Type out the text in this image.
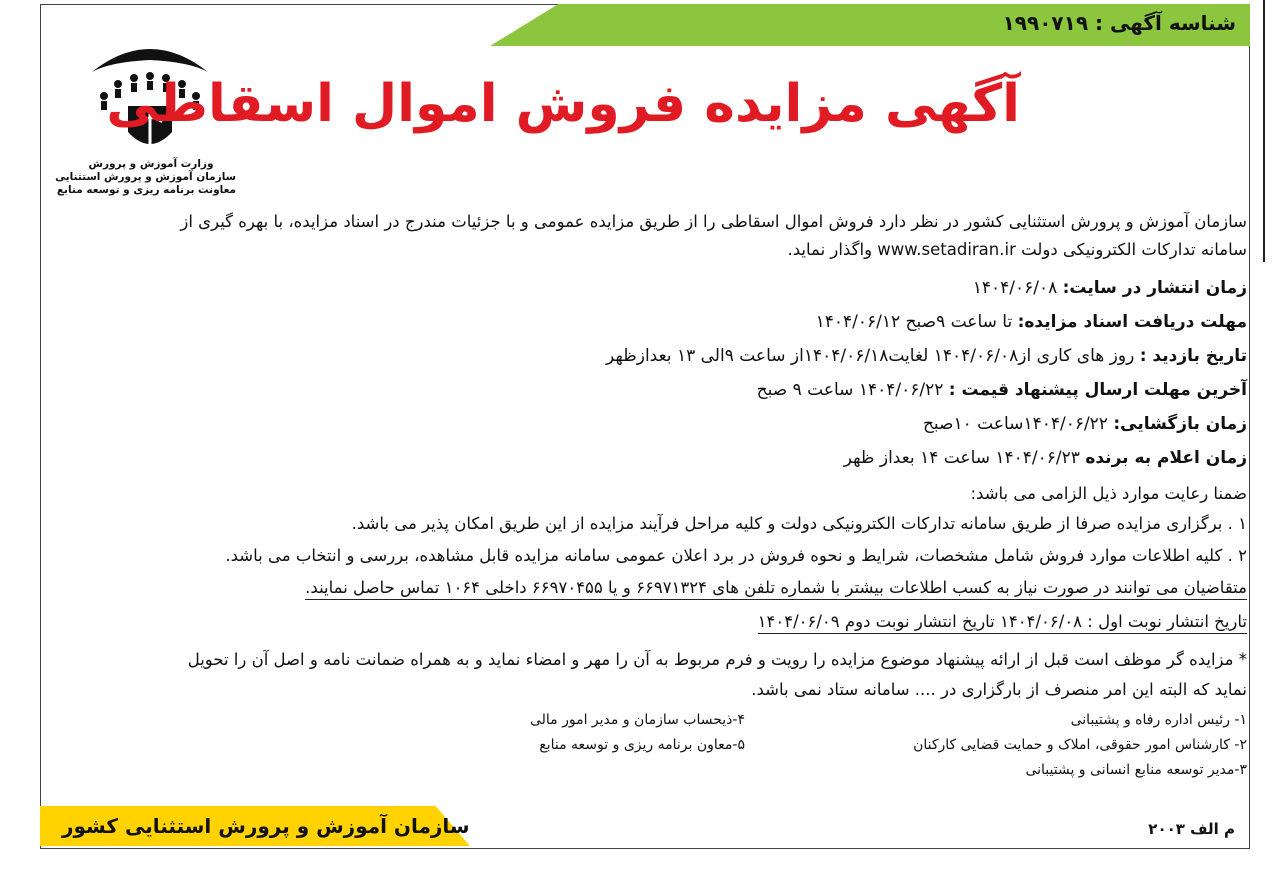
شناسه آگهی : ۱۹۹۰۷۱۹
وزارت آموزش و پرورش
سازمان آموزش و پرورش استثنایی
معاونت برنامه ریزی و توسعه منابع
آگهی مزایده فروش اموال اسقاطی
سازمان آموزش و پرورش استثنایی کشور در نظر دارد فروش اموال اسقاطی را از طریق مزایده عمومی و با جزئیات مندرج در اسناد مزایده، با بهره گیری از
سامانه تدارکات الکترونیکی دولت www.setadiran.ir واگذار نماید.
زمان انتشار در سایت: ۱۴۰۴/۰۶/۰۸
مهلت دریافت اسناد مزایده: تا ساعت ۹صبح ۱۴۰۴/۰۶/۱۲
تاریخ بازدید : روز های کاری از۱۴۰۴/۰۶/۰۸ لغایت۱۴۰۴/۰۶/۱۸از ساعت ۹الی ۱۳ بعدازظهر
آخرین مهلت ارسال پیشنهاد قیمت : ۱۴۰۴/۰۶/۲۲ ساعت ۹ صبح
زمان بازگشایی: ۱۴۰۴/۰۶/۲۲ساعت ۱۰صبح
زمان اعلام به برنده ۱۴۰۴/۰۶/۲۳ ساعت ۱۴ بعداز ظهر
ضمنا رعایت موارد ذیل الزامی می باشد:
۱ . برگزاری مزایده صرفا از طریق سامانه تدارکات الکترونیکی دولت و کلیه مراحل فرآیند مزایده از این طریق امکان پذیر می باشد.
۲ . کلیه اطلاعات موارد فروش شامل مشخصات، شرایط و نحوه فروش در برد اعلان عمومی سامانه مزایده قابل مشاهده، بررسی و انتخاب می باشد.
متقاضیان می توانند در صورت نیاز به کسب اطلاعات بیشتر با شماره تلفن های ۶۶۹۷۱۳۲۴ و یا ۶۶۹۷۰۴۵۵ داخلی ۱۰۶۴ تماس حاصل نمایند.
تاریخ انتشار نوبت اول : ۱۴۰۴/۰۶/۰۸ تاریخ انتشار نوبت دوم ۱۴۰۴/۰۶/۰۹
* مزایده گر موظف است قبل از ارائه پیشنهاد موضوع مزایده را رویت و فرم مربوط به آن را مهر و امضاء نماید و به همراه ضمانت نامه و اصل آن را تحویل
نماید که البته این امر منصرف از بارگزاری در .... سامانه ستاد نمی باشد.
۱- رئیس اداره رفاه و پشتیبانی
۲- کارشناس امور حقوقی، املاک و حمایت قضایی کارکنان
۳-مدیر توسعه منابع انسانی و پشتیبانی
۴-ذیحساب سازمان و مدیر امور مالی
۵-معاون برنامه ریزی و توسعه منابع
م الف ۲۰۰۳
سازمان آموزش و پرورش استثنایی کشور
